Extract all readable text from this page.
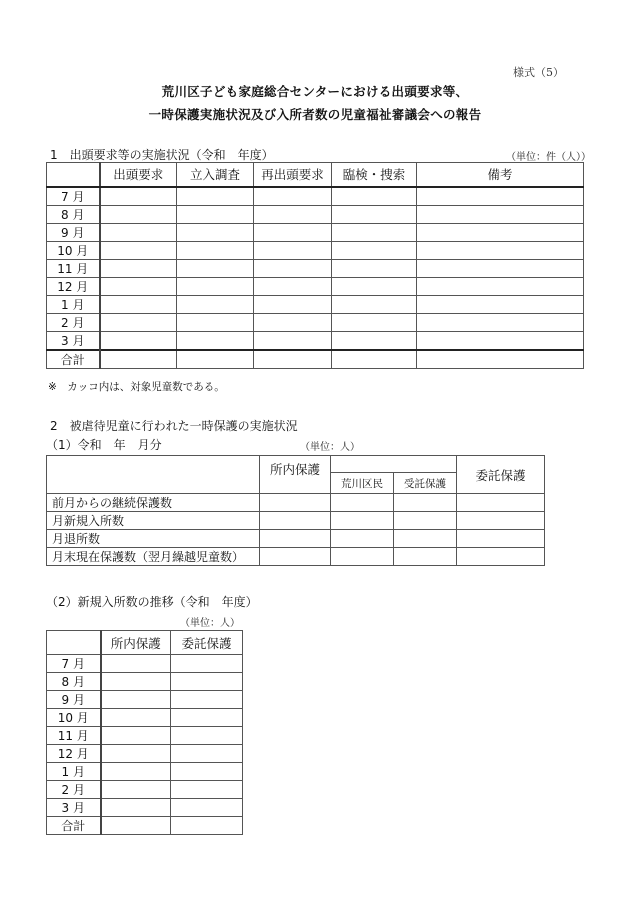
様式（5）
荒川区子ども家庭総合センターにおける出頭要求等、
一時保護実施状況及び入所者数の児童福祉審議会への報告
1　出頭要求等の実施状況（令和　年度）	（単位：件（人））
	出頭要求	立入調査	再出頭要求	臨検・捜索	備考
7 月					
8 月					
9 月					
10 月					
11 月					
12 月					
1 月					
2 月					
3 月					
合計					
※　カッコ内は、対象児童数である。
2　被虐待児童に行われた一時保護の実施状況
（1）令和　年　月分	（単位：人）
	所内保護			委託保護
		荒川区民	受託保護	
前月からの継続保護数				
月新規入所数				
月退所数				
月末現在保護数（翌月繰越児童数）				
（2）新規入所数の推移（令和　年度）
（単位：人）
	所内保護	委託保護
7 月		
8 月		
9 月		
10 月		
11 月		
12 月		
1 月		
2 月		
3 月		
合計		
